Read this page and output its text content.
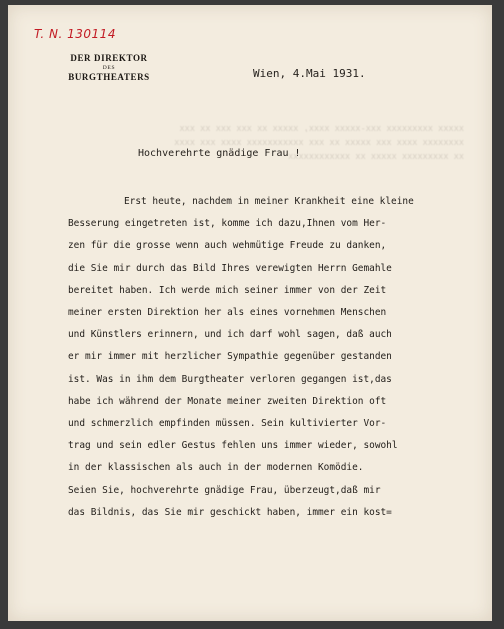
xxxxx xxxxxxxxx xxx-xxxxx xxxx, xxxxx xx xxx xxx xx xxx
xxxxxxxx xxxx xxx xxxxx xx xxx xxxxxxxxxxx xxxx xxx xxxx
xx xxxxxxxxx xxxxx xx xxxxxxxxxxxx
T. N. 130114
DER DIREKTOR
DES
BURGTHEATERS	Wien, 4.Mai 1931.
Hochverehrte gnädige Frau !
Erst heute, nachdem in meiner Krankheit eine kleine
Besserung eingetreten ist, komme ich dazu,Ihnen vom Her-
zen für die grosse wenn auch wehmütige Freude zu danken,
die Sie mir durch das Bild Ihres verewigten Herrn Gemahle
bereitet haben. Ich werde mich seiner immer von der Zeit
meiner ersten Direktion her als eines vornehmen Menschen
und Künstlers erinnern, und ich darf wohl sagen, daß auch
er mir immer mit herzlicher Sympathie gegenüber gestanden
ist. Was in ihm dem Burgtheater verloren gegangen ist,das
habe ich während der Monate meiner zweiten Direktion oft
und schmerzlich empfinden müssen. Sein kultivierter Vor-
trag und sein edler Gestus fehlen uns immer wieder, sowohl
in der klassischen als auch in der modernen Komödie.
Seien Sie, hochverehrte gnädige Frau, überzeugt,daß mir
das Bildnis, das Sie mir geschickt haben, immer ein kost=
